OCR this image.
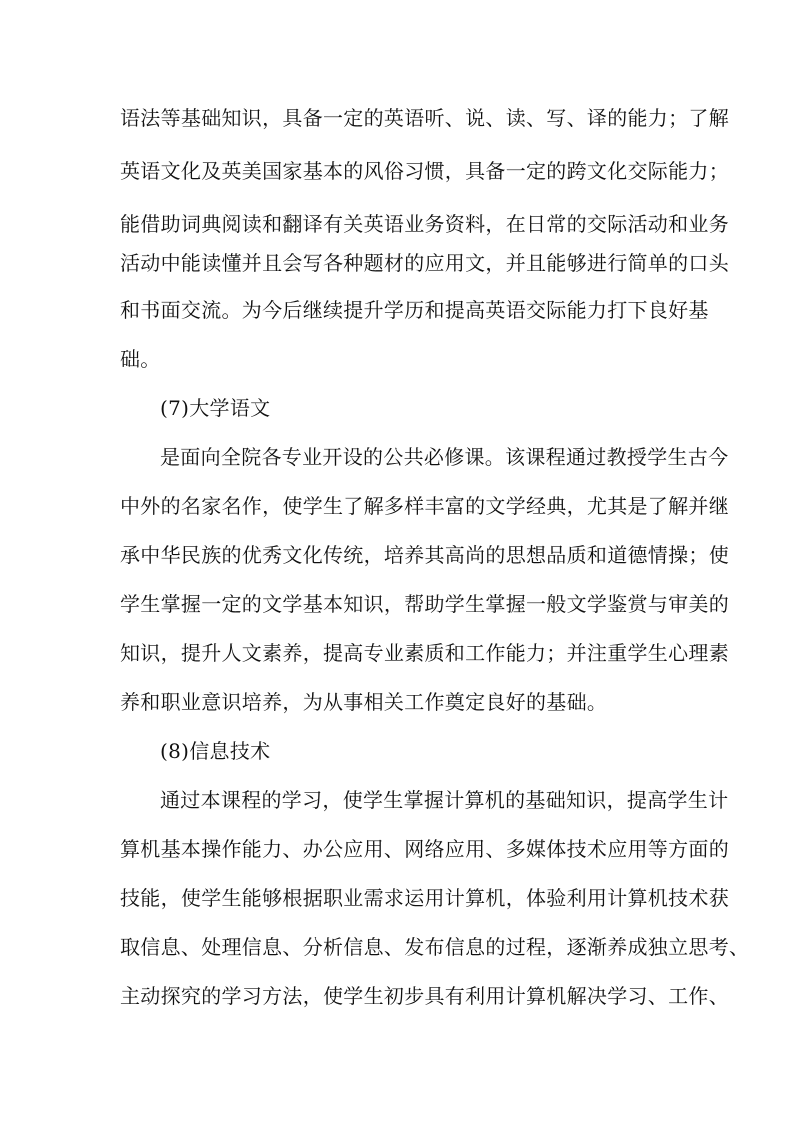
语法等基础知识，具备一定的英语听、说、读、写、译的能力；了解
英语文化及英美国家基本的风俗习惯，具备一定的跨文化交际能力；
能借助词典阅读和翻译有关英语业务资料，在日常的交际活动和业务
活动中能读懂并且会写各种题材的应用文，并且能够进行简单的口头
和书面交流。为今后继续提升学历和提高英语交际能力打下良好基
础。
(7)大学语文
是面向全院各专业开设的公共必修课。该课程通过教授学生古今
中外的名家名作，使学生了解多样丰富的文学经典，尤其是了解并继
承中华民族的优秀文化传统，培养其高尚的思想品质和道德情操；使
学生掌握一定的文学基本知识，帮助学生掌握一般文学鉴赏与审美的
知识，提升人文素养，提高专业素质和工作能力；并注重学生心理素
养和职业意识培养，为从事相关工作奠定良好的基础。
(8)信息技术
通过本课程的学习，使学生掌握计算机的基础知识，提高学生计
算机基本操作能力、办公应用、网络应用、多媒体技术应用等方面的
技能，使学生能够根据职业需求运用计算机，体验利用计算机技术获
取信息、处理信息、分析信息、发布信息的过程，逐渐养成独立思考、
主动探究的学习方法，使学生初步具有利用计算机解决学习、工作、
